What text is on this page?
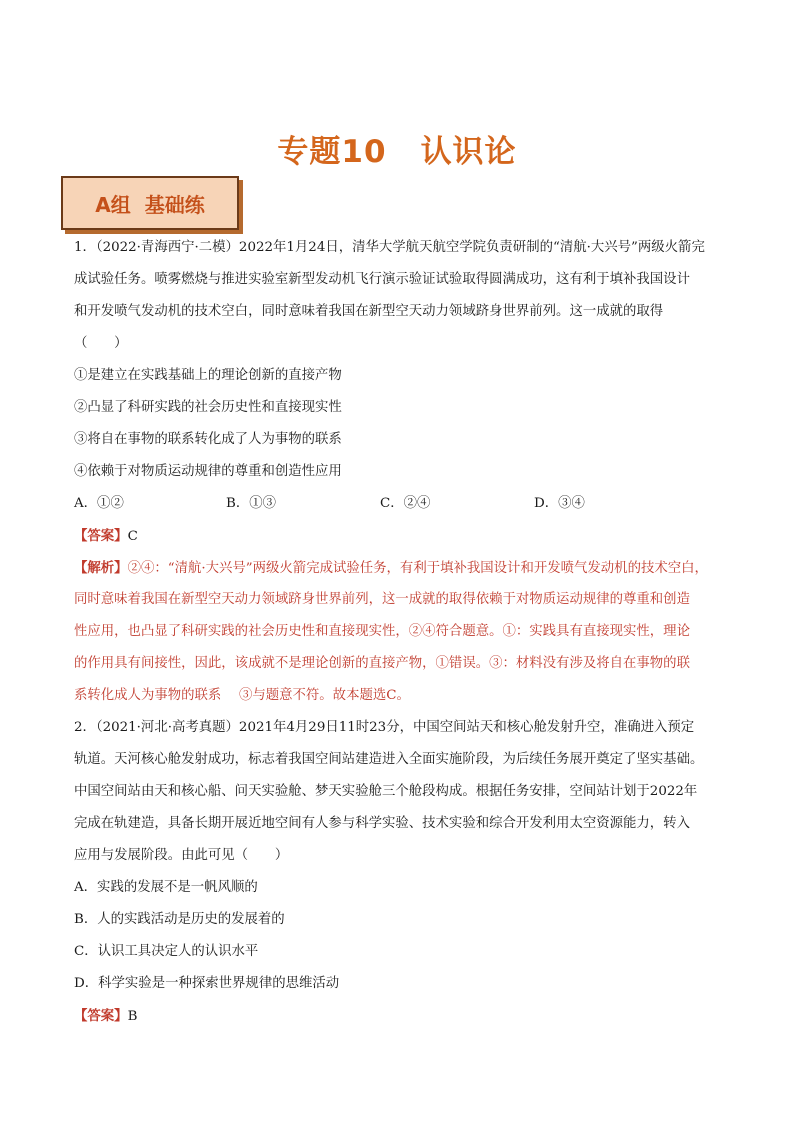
专题10 认识论
A组  基础练
1．（2022·青海西宁·二模）2022年1月24日，清华大学航天航空学院负责研制的“清航·大兴号”两级火箭完
成试验任务。喷雾燃烧与推进实验室新型发动机飞行演示验证试验取得圆满成功，这有利于填补我国设计
和开发喷气发动机的技术空白，同时意味着我国在新型空天动力领域跻身世界前列。这一成就的取得
（　　）
①是建立在实践基础上的理论创新的直接产物
②凸显了科研实践的社会历史性和直接现实性
③将自在事物的联系转化成了人为事物的联系
④依赖于对物质运动规律的尊重和创造性应用
A．①②	B．①③	C．②④	D．③④
【答案】C
【解析】②④：“清航·大兴号”两级火箭完成试验任务，有利于填补我国设计和开发喷气发动机的技术空白，
同时意味着我国在新型空天动力领域跻身世界前列，这一成就的取得依赖于对物质运动规律的尊重和创造
性应用，也凸显了科研实践的社会历史性和直接现实性，②④符合题意。①：实践具有直接现实性，理论
的作用具有间接性，因此，该成就不是理论创新的直接产物，①错误。③：材料没有涉及将自在事物的联
系转化成人为事物的联系　 ③与题意不符。故本题选C。
2．（2021·河北·高考真题）2021年4月29日11时23分，中国空间站天和核心舱发射升空，准确进入预定
轨道。天河核心舱发射成功，标志着我国空间站建造进入全面实施阶段，为后续任务展开奠定了坚实基础。
中国空间站由天和核心船、问天实验舱、梦天实验舱三个舱段构成。根据任务安排，空间站计划于2022年
完成在轨建造，具备长期开展近地空间有人参与科学实验、技术实验和综合开发利用太空资源能力，转入
应用与发展阶段。由此可见（　　）
A．实践的发展不是一帆风顺的
B．人的实践活动是历史的发展着的
C．认识工具决定人的认识水平
D．科学实验是一种探索世界规律的思维活动
【答案】B
